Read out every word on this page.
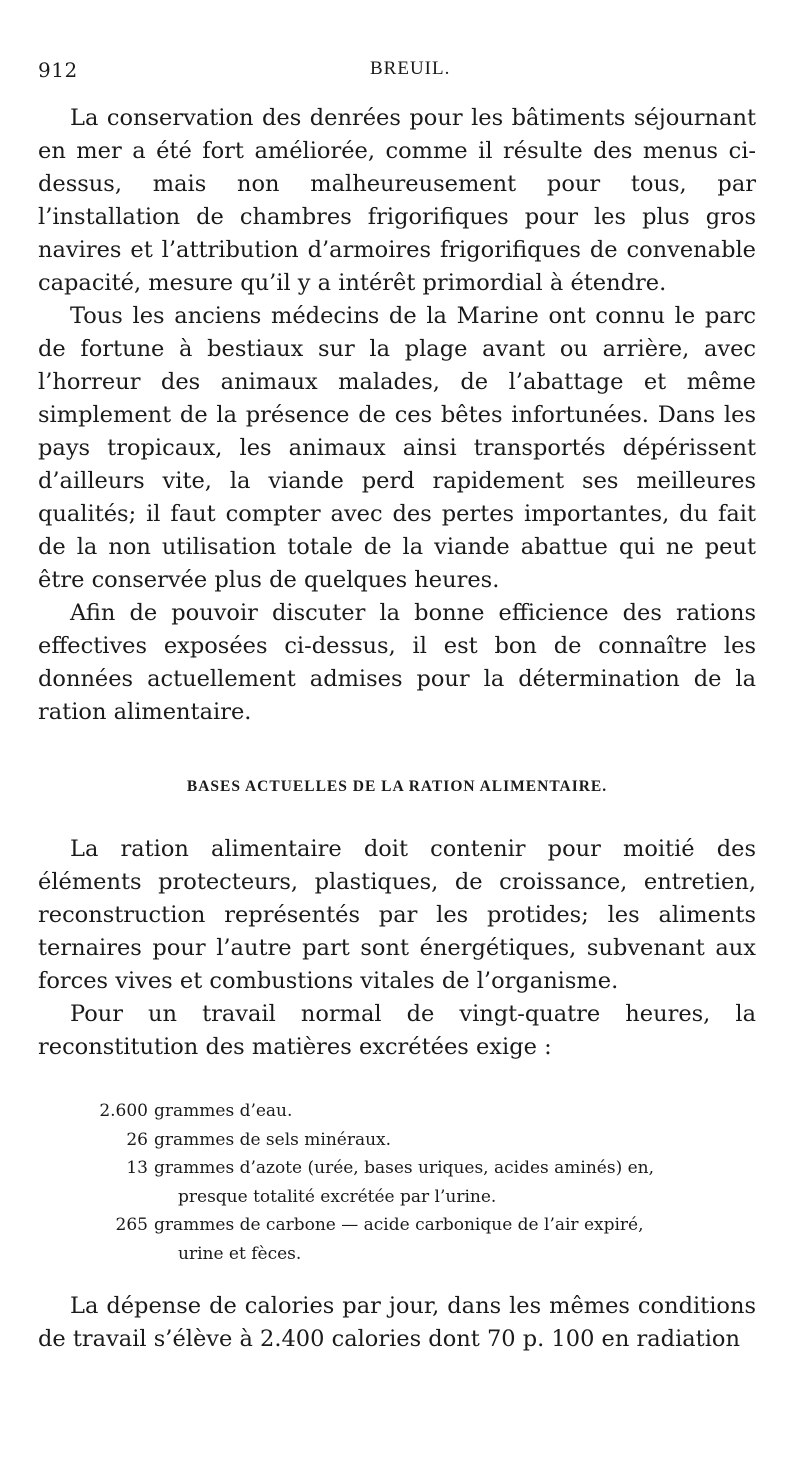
912	BREUIL.

La conservation des denrées pour les bâtiments séjournant en mer a été fort améliorée, comme il résulte des menus ci-dessus, mais non malheureusement pour tous, par l’installation de chambres frigorifiques pour les plus gros navires et l’attribution d’armoires frigorifiques de convenable capacité, mesure qu’il y a intérêt primordial à étendre.

Tous les anciens médecins de la Marine ont connu le parc de fortune à bestiaux sur la plage avant ou arrière, avec l’horreur des animaux malades, de l’abattage et même simplement de la présence de ces bêtes infortunées. Dans les pays tropicaux, les animaux ainsi transportés dépérissent d’ailleurs vite, la viande perd rapidement ses meilleures qualités; il faut compter avec des pertes importantes, du fait de la non utilisation totale de la viande abattue qui ne peut être conservée plus de quelques heures.

Afin de pouvoir discuter la bonne efficience des rations effectives exposées ci-dessus, il est bon de connaître les données actuellement admises pour la détermination de la ration alimentaire.

BASES ACTUELLES DE LA RATION ALIMENTAIRE.

La ration alimentaire doit contenir pour moitié des éléments protecteurs, plastiques, de croissance, entretien, reconstruction représentés par les protides; les aliments ternaires pour l’autre part sont énergétiques, subvenant aux forces vives et combustions vitales de l’organisme.

Pour un travail normal de vingt-quatre heures, la reconstitution des matières excrétées exige :

2.600 grammes d’eau.
26 grammes de sels minéraux.
13 grammes d’azote (urée, bases uriques, acides aminés) en,
presque totalité excrétée par l’urine.
265 grammes de carbone — acide carbonique de l’air expiré,
urine et fèces.

La dépense de calories par jour, dans les mêmes conditions de travail s’élève à 2.400 calories dont 70 p. 100 en radiation
